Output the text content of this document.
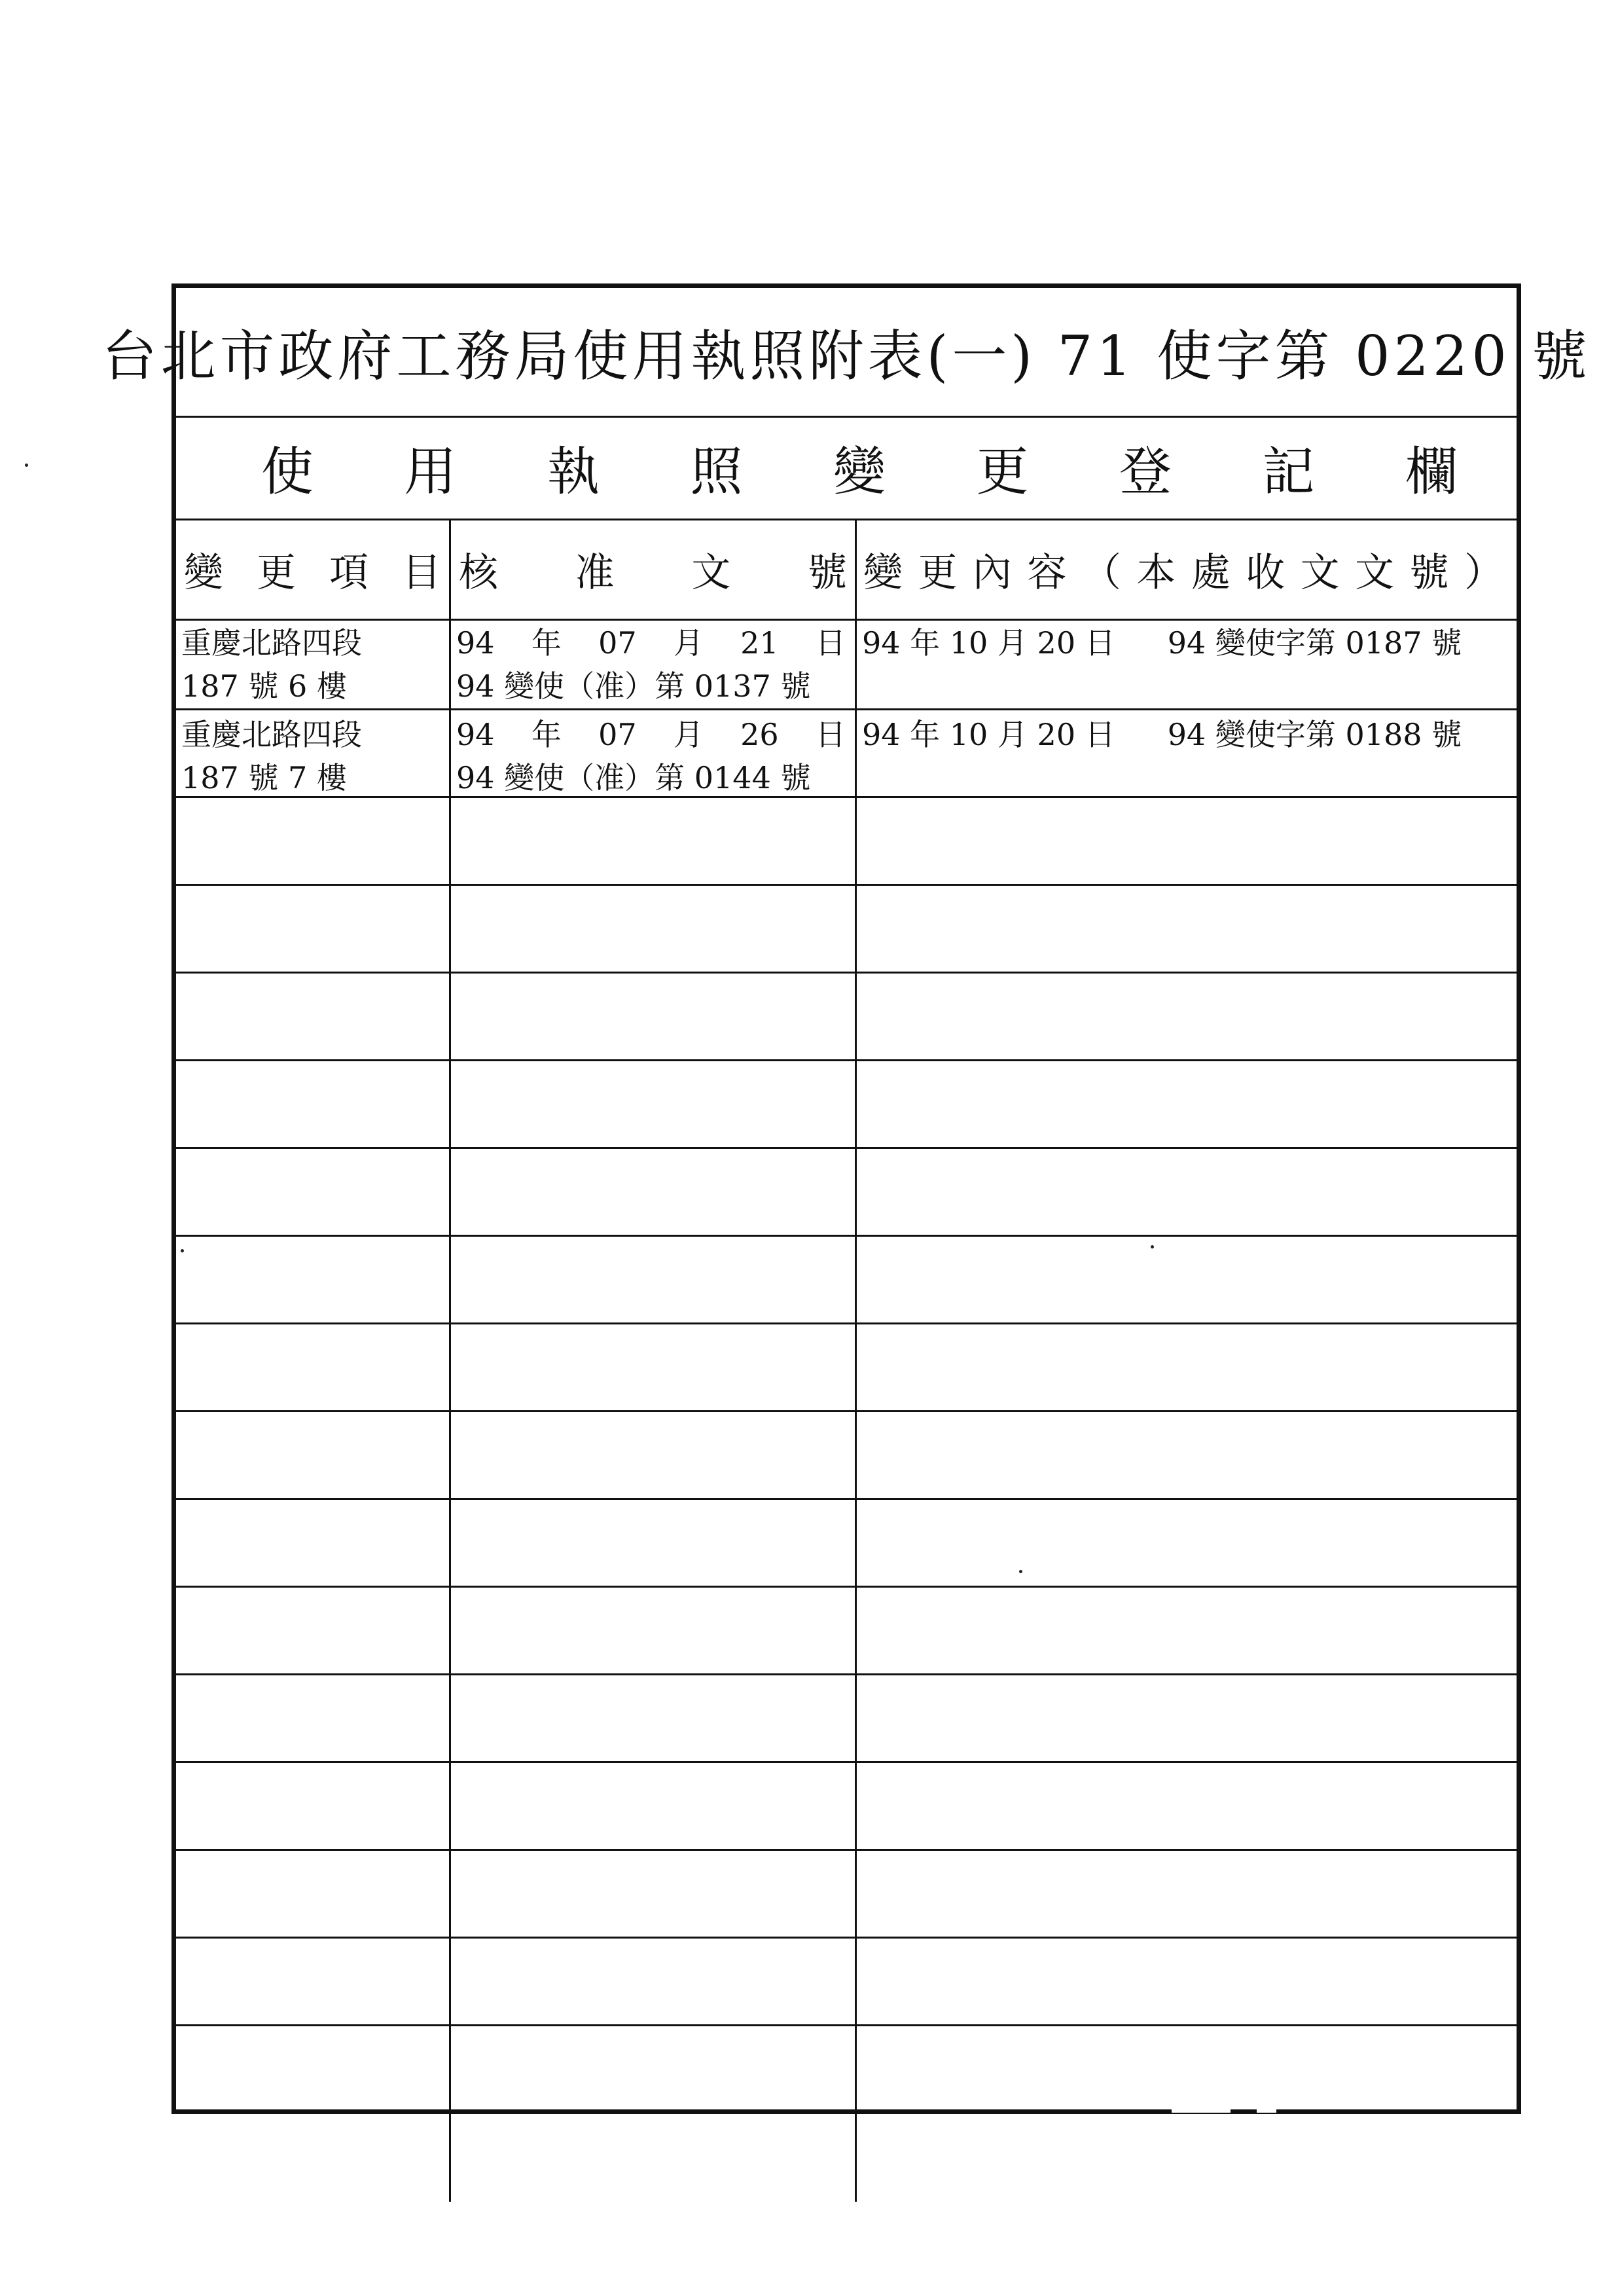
台北市政府工務局使用執照附表(一) 71 使字第 0220 號
使 用 執 照 變 更 登 記 欄
變 更 項 目 核 准 文 號 變 更 內 容 （ 本 處 收 文 文 號 ）
重慶北路四段
187 號 6 樓
94 年 07 月 21 日
94 變使（准）第 0137 號
94 年 10 月 20 日 94 變使字第 0187 號
重慶北路四段
187 號 7 樓
94 年 07 月 26 日
94 變使（准）第 0144 號
94 年 10 月 20 日 94 變使字第 0188 號
